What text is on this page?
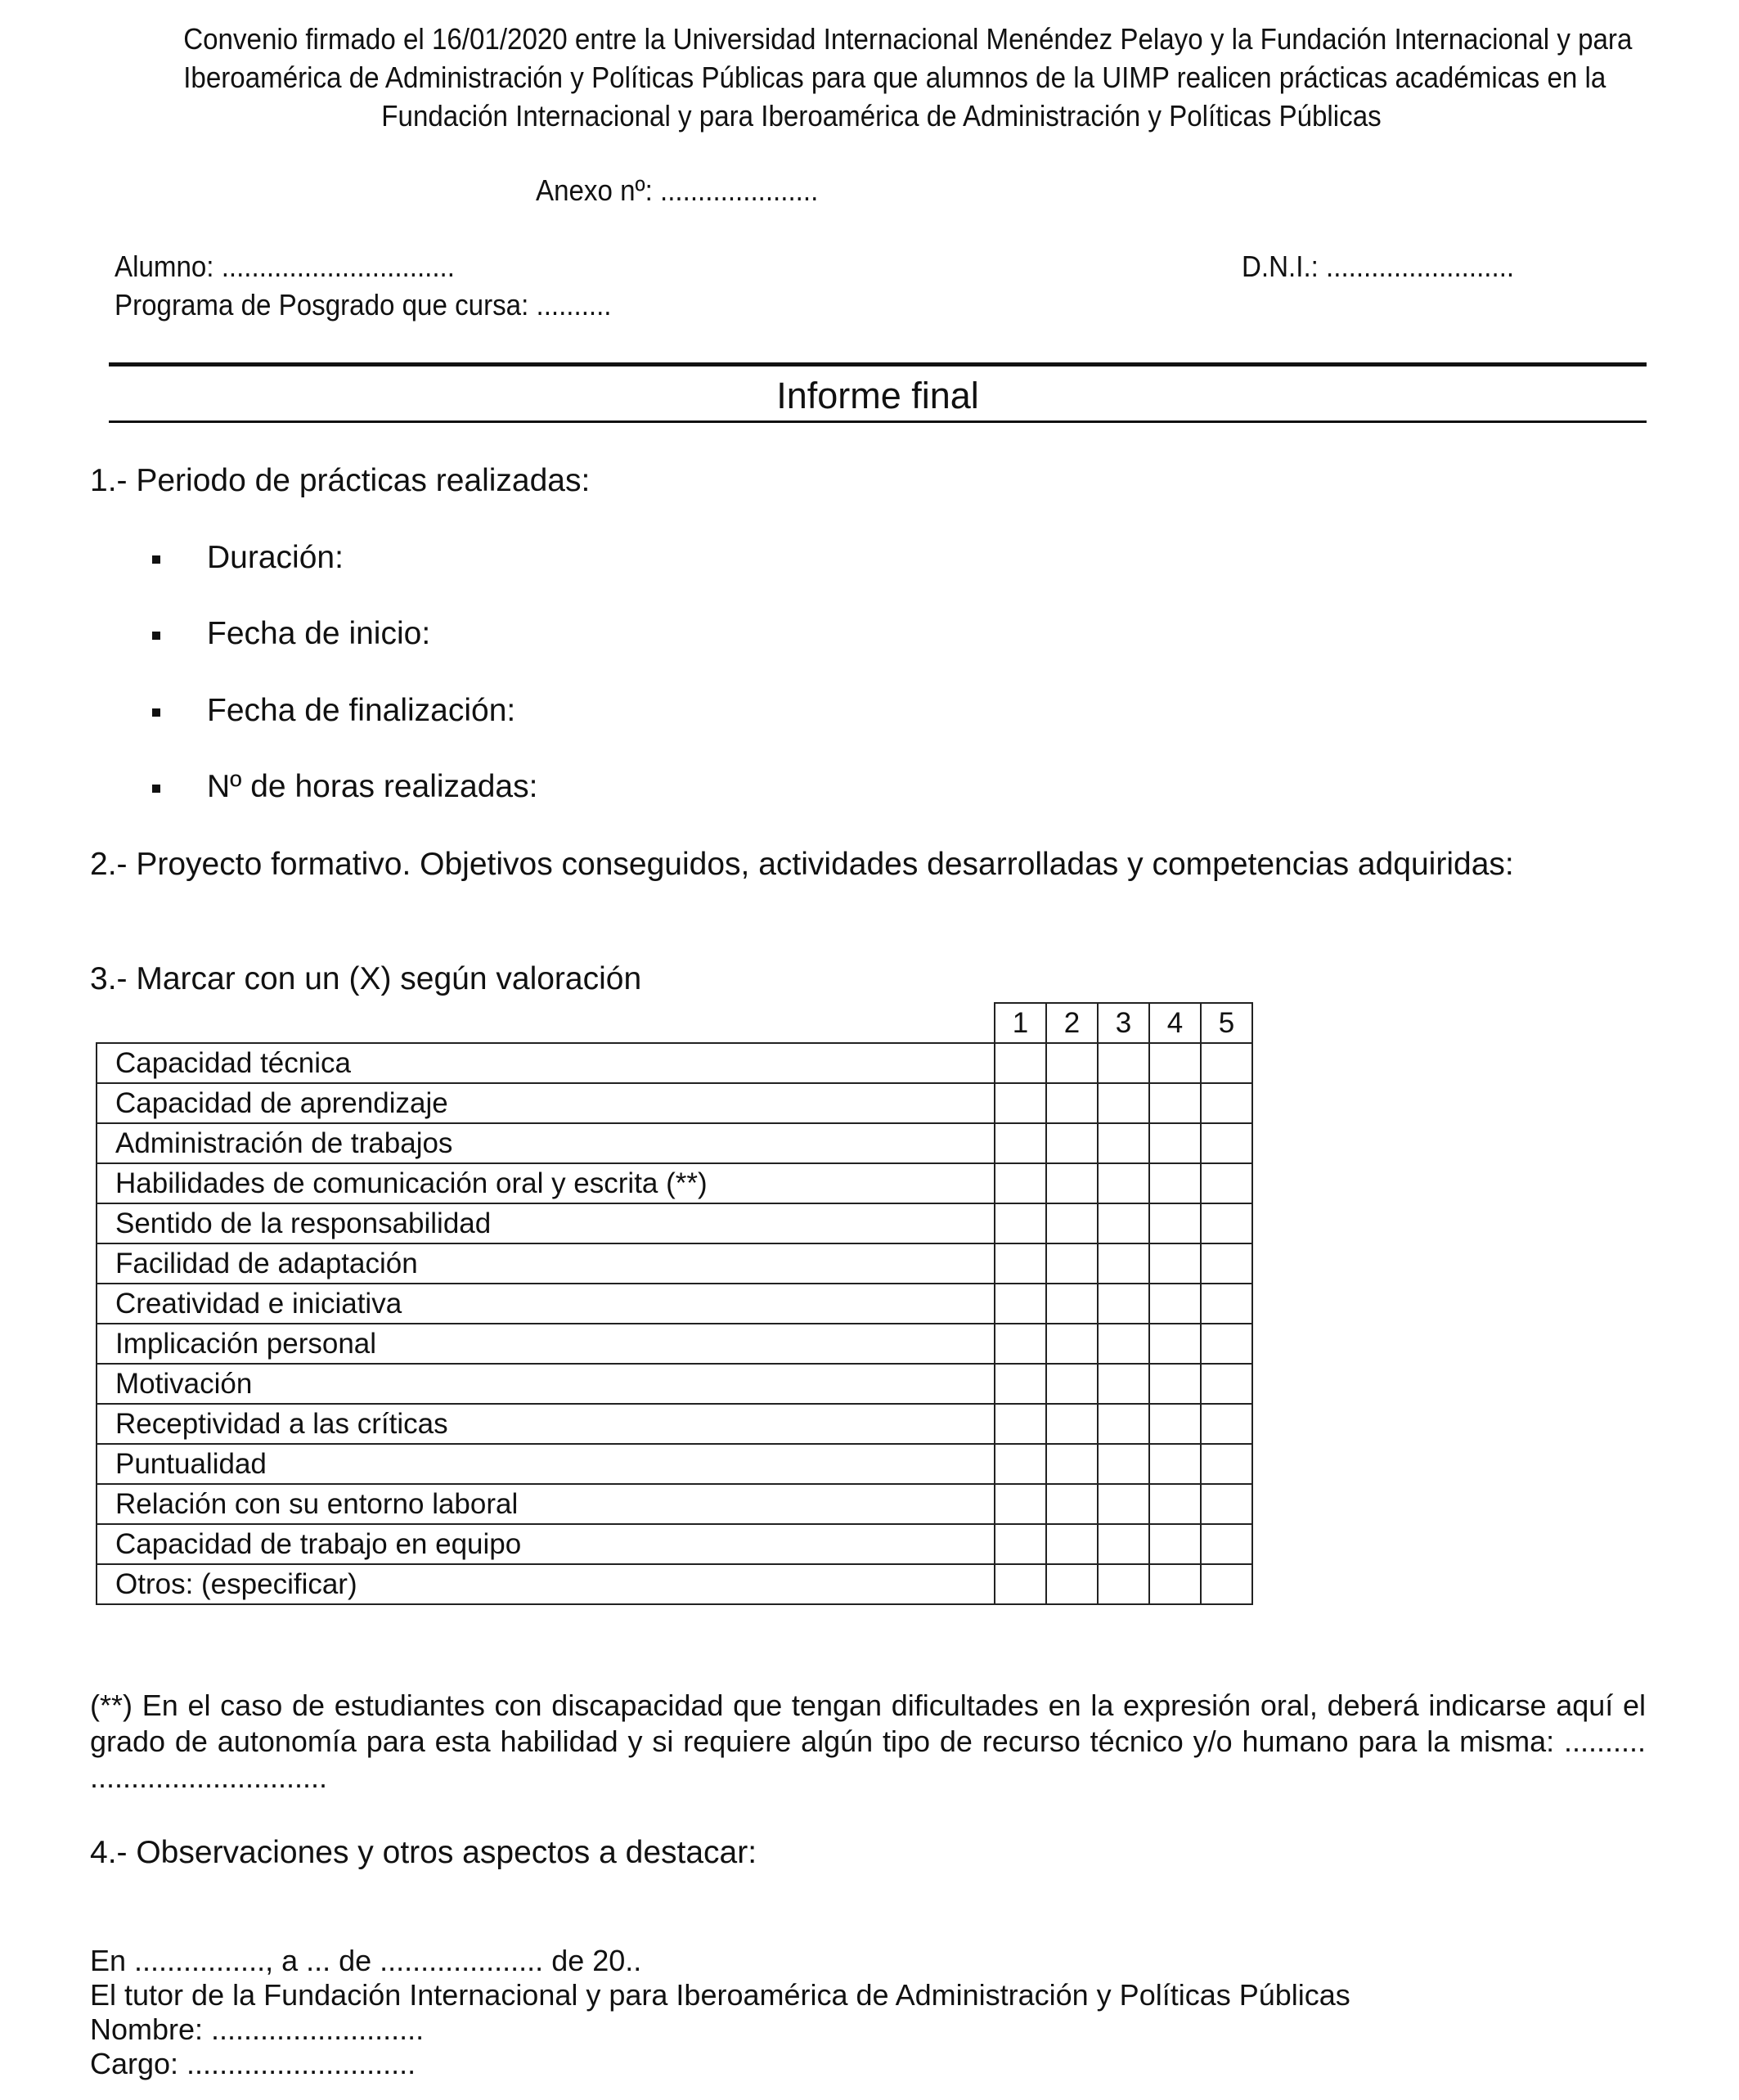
Convenio firmado el 16/01/2020 entre la Universidad Internacional Menéndez Pelayo y la Fundación Internacional y para
Iberoamérica de Administración y Políticas Públicas para que alumnos de la UIMP realicen prácticas académicas en la
Fundación Internacional y para Iberoamérica de Administración y Políticas Públicas
Anexo nº: .....................
Alumno: ...............................	D.N.I.: .........................
Programa de Posgrado que cursa: ..........
Informe final
1.- Periodo de prácticas realizadas:
Duración:
Fecha de inicio:
Fecha de finalización:
Nº de horas realizadas:
2.- Proyecto formativo. Objetivos conseguidos, actividades desarrolladas y competencias adquiridas:
3.- Marcar con un (X) según valoración
	1	2	3	4	5
Capacidad técnica					
Capacidad de aprendizaje					
Administración de trabajos					
Habilidades de comunicación oral y escrita (**)					
Sentido de la responsabilidad					
Facilidad de adaptación					
Creatividad e iniciativa					
Implicación personal					
Motivación					
Receptividad a las críticas					
Puntualidad					
Relación con su entorno laboral					
Capacidad de trabajo en equipo					
Otros: (especificar)					
(**) En el caso de estudiantes con discapacidad que tengan dificultades en la expresión oral, deberá indicarse aquí el
grado de autonomía para esta habilidad y si requiere algún tipo de recurso técnico y/o humano para la misma: ..........
.............................
4.- Observaciones y otros aspectos a destacar:
En ................, a ... de .................... de 20..
El tutor de la Fundación Internacional y para Iberoamérica de Administración y Políticas Públicas
Nombre: ..........................
Cargo: ............................
